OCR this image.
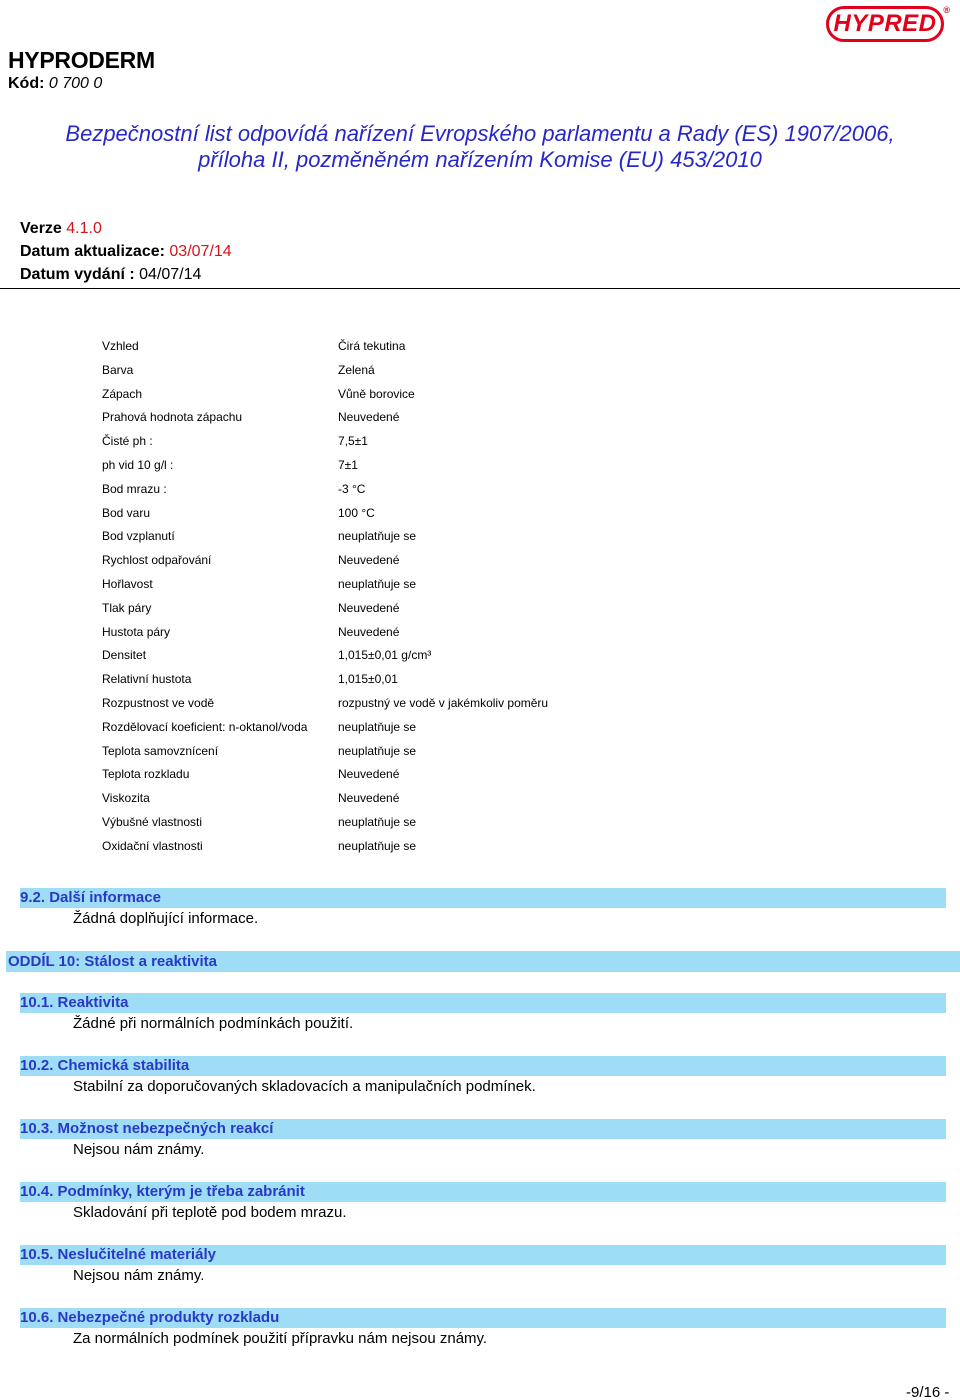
HYPRODERM
Kód: 0 700 0
HYPRED ®
Bezpečnostní list odpovídá nařízení Evropského parlamentu a Rady (ES) 1907/2006,
příloha II, pozměněném nařízením Komise (EU) 453/2010
Verze 4.1.0
Datum aktualizace: 03/07/14
Datum vydání : 04/07/14
Vzhled	Čirá tekutina
Barva	Zelená
Zápach	Vůně borovice
Prahová hodnota zápachu	Neuvedené
Čisté ph :	7,5±1
ph vid 10 g/l :	7±1
Bod mrazu :	-3 °C
Bod varu	100 °C
Bod vzplanutí	neuplatňuje se
Rychlost odpařování	Neuvedené
Hořlavost	neuplatňuje se
Tlak páry	Neuvedené
Hustota páry	Neuvedené
Densitet	1,015±0,01 g/cm³
Relativní hustota	1,015±0,01
Rozpustnost ve vodě	rozpustný ve vodě v jakémkoliv poměru
Rozdělovací koeficient: n-oktanol/voda	neuplatňuje se
Teplota samovznícení	neuplatňuje se
Teplota rozkladu	Neuvedené
Viskozita	Neuvedené
Výbušné vlastnosti	neuplatňuje se
Oxidační vlastnosti	neuplatňuje se
9.2. Další informace
Žádná doplňující informace.
ODDÍL 10: Stálost a reaktivita
10.1. Reaktivita
Žádné při normálních podmínkách použití.
10.2. Chemická stabilita
Stabilní za doporučovaných skladovacích a manipulačních podmínek.
10.3. Možnost nebezpečných reakcí
Nejsou nám známy.
10.4. Podmínky, kterým je třeba zabránit
Skladování při teplotě pod bodem mrazu.
10.5. Neslučitelné materiály
Nejsou nám známy.
10.6. Nebezpečné produkty rozkladu
Za normálních podmínek použití přípravku nám nejsou známy.
-9/16 -
